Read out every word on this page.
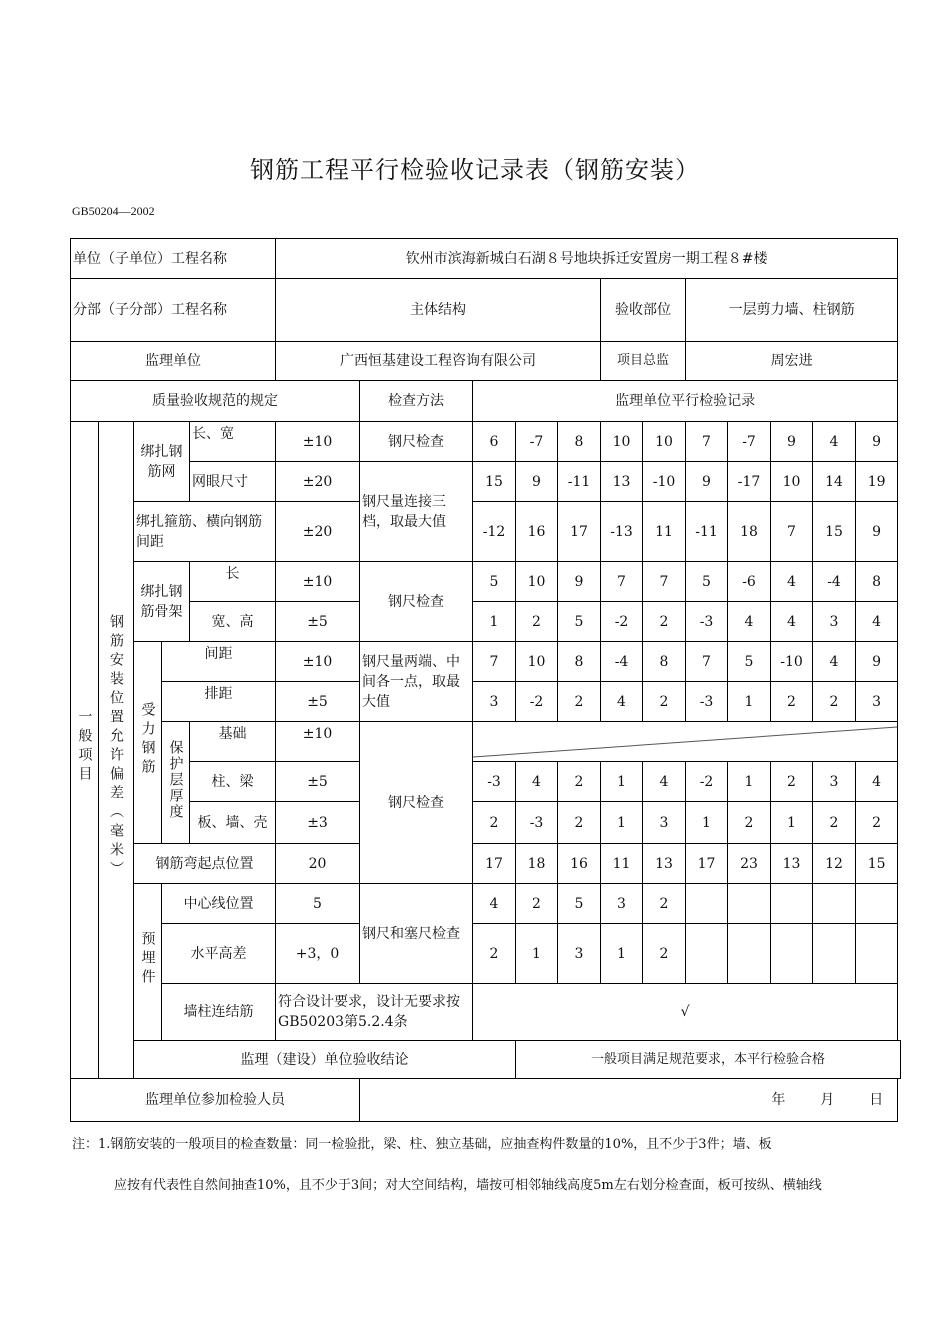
钢筋工程平行检验收记录表（钢筋安装）
GB50204—2002
单位（子单位）工程名称					钦州市滨海新城白石湖８号地块拆迁安置房一期工程８#楼											
分部（子分部）工程名称					主体结构					验收部位		一层剪力墙、柱钢筋				
监理单位					广西恒基建设工程咨询有限公司					项目总监		周宏进				
质量验收规范的规定						检查方法	监理单位平行检验记录									
一般项目	钢筋安装位置允许偏差（毫米）	绑扎钢筋网		长、宽	±10	钢尺检查	6	-7	8	10	10	7	-7	9	4	9
				网眼尺寸	±20	钢尺量连接三档，取最大值	15	9	-11	13	-10	9	-17	10	14	19
		绑扎箍筋、横向钢筋间距			±20		-12	16	17	-13	11	-11	18	7	15	9
		绑扎钢筋骨架		长	±10	钢尺检查	5	10	9	7	7	5	-6	4	-4	8
				宽、高	±5		1	2	5	-2	2	-3	4	4	3	4
		受力钢筋	间距		±10	钢尺量两端、中间各一点，取最大值	7	10	8	-4	8	7	5	-10	4	9
			排距		±5		3	-2	2	4	2	-3	1	2	2	3
			保护层厚度	基础	±10	钢尺检查	

				柱、梁	±5		-3	4	2	1	4	-2	1	2	3	4
				板、墙、壳	±3		2	-3	2	1	3	1	2	1	2	2
		钢筋弯起点位置			20		17	18	16	11	13	17	23	13	12	15
		预埋件	中心线位置		5	钢尺和塞尺检查	4	2	5	3	2					
			水平高差		+3，0		2	1	3	1	2					
			墙柱连结筋		符合设计要求，设计无要求按GB50203第5.2.4条		√									
		监理（建设）单位验收结论						一般项目满足规范要求，本平行检验合格								
监理单位参加检验人员						年 月 日										
注：1.钢筋安装的一般项目的检查数量：同一检验批，梁、柱、独立基础，应抽查构件数量的10%，且不少于3件；墙、板
应按有代表性自然间抽查10%，且不少于3间；对大空间结构，墙按可相邻轴线高度5m左右划分检查面，板可按纵、横轴线
